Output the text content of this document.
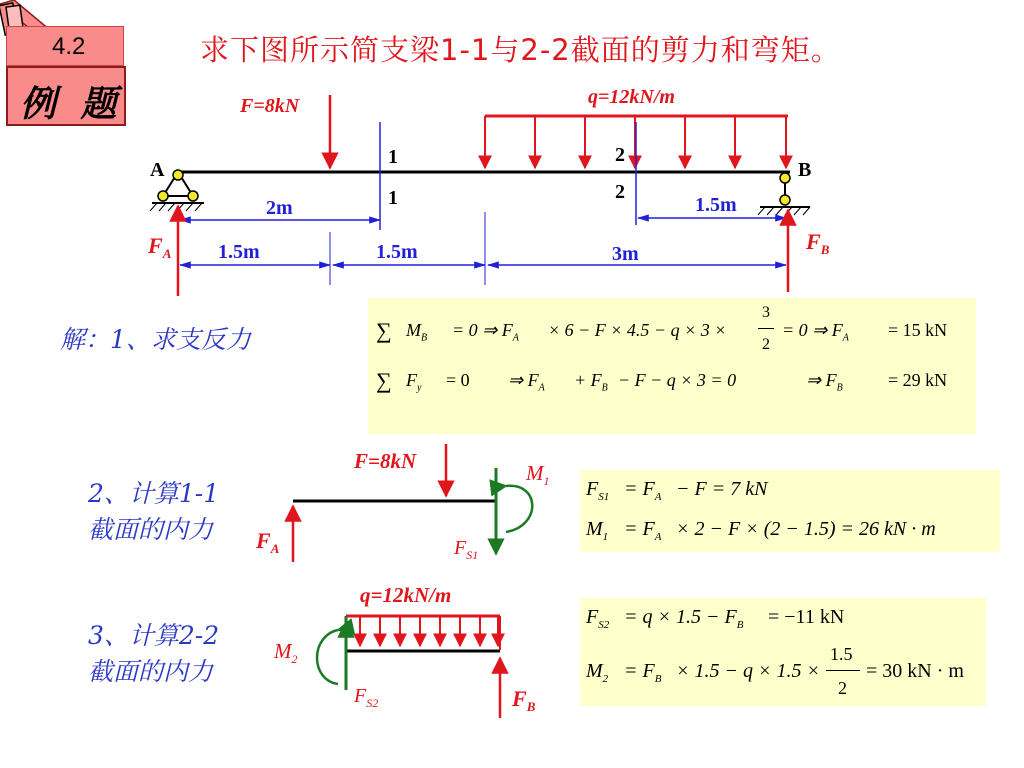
4.2
例 题
求下图所示简支梁1-1与2-2截面的剪力和弯矩。
A	B
F=8kN	q=12kN/m
1
1
2
2
2m	1.5m
1.5m	1.5m	3m
$F_A$	$F_B$
解：1、求支反力	∑ $M_B = 0$ ⇒ $F_A \times 6 - F \times 4.5 - q \times 3$ ×
3
2
= 0 ⇒ $F_A = 15$ kN
∑ $F_y = 0$ ⇒ $F_A + F_B - F - q \times 3 = 0$	⇒ $F_B$	= 29 kN
2、计算1-1
截面的内力
F=8kN
$F_A$	$F_{S1}$
$M_1$ $F_{S1} = F_A - F = 7$ kN
$M_1 = F_A \times 2 - F \times (2 - 1.5) = 26$ kN · m
3、计算2-2
截面的内力
q=12kN/m
$F_{S2}$
$M_2$
$F_B$
$F_{S2} = q \times 1.5 - F_B = -11$ kN
$M_2 = F_B \times 1.5 - q \times 1.5$ ×
1.5
2
= 30 kN · m
